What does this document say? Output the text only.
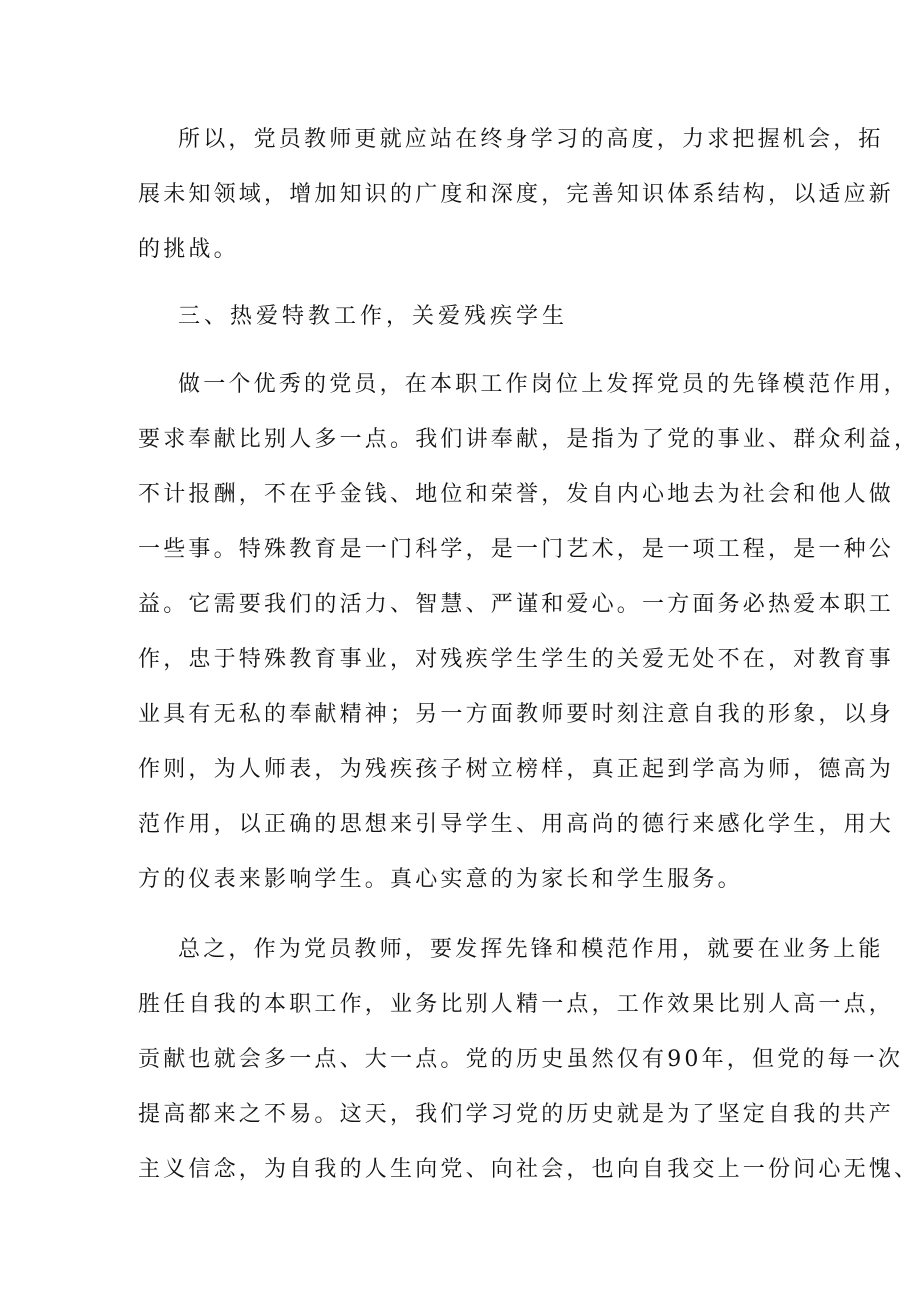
所以，党员教师更就应站在终身学习的高度，力求把握机会，拓
展未知领域，增加知识的广度和深度，完善知识体系结构，以适应新
的挑战。
三、热爱特教工作，关爱残疾学生
做一个优秀的党员，在本职工作岗位上发挥党员的先锋模范作用，
要求奉献比别人多一点。我们讲奉献，是指为了党的事业、群众利益，
不计报酬，不在乎金钱、地位和荣誉，发自内心地去为社会和他人做
一些事。特殊教育是一门科学，是一门艺术，是一项工程，是一种公
益。它需要我们的活力、智慧、严谨和爱心。一方面务必热爱本职工
作，忠于特殊教育事业，对残疾学生学生的关爱无处不在，对教育事
业具有无私的奉献精神；另一方面教师要时刻注意自我的形象，以身
作则，为人师表，为残疾孩子树立榜样，真正起到学高为师，德高为
范作用，以正确的思想来引导学生、用高尚的德行来感化学生，用大
方的仪表来影响学生。真心实意的为家长和学生服务。
总之，作为党员教师，要发挥先锋和模范作用，就要在业务上能
胜任自我的本职工作，业务比别人精一点，工作效果比别人高一点，
贡献也就会多一点、大一点。党的历史虽然仅有90年，但党的每一次
提高都来之不易。这天，我们学习党的历史就是为了坚定自我的共产
主义信念，为自我的人生向党、向社会，也向自我交上一份问心无愧、
